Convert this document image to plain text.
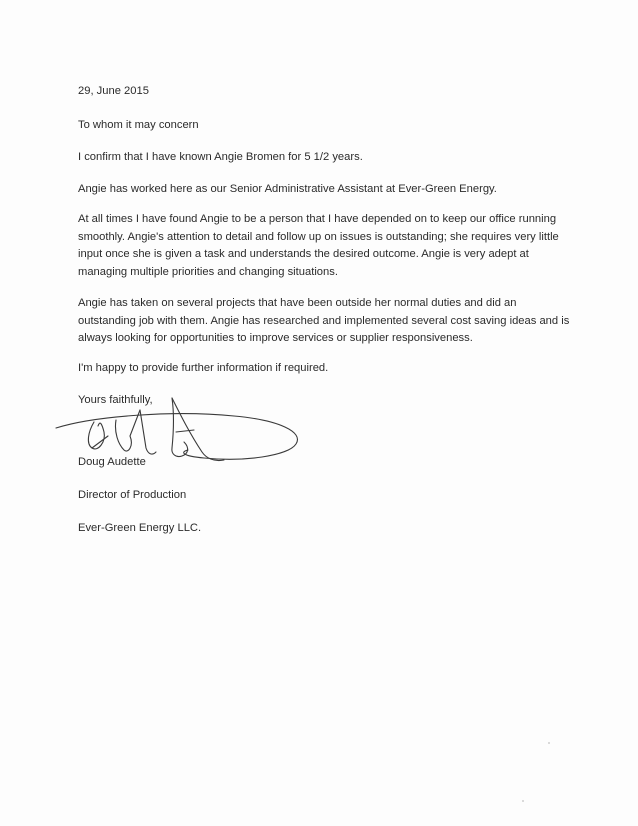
29, June 2015

To whom it may concern

I confirm that I have known Angie Bromen for 5 1/2 years.

Angie has worked here as our Senior Administrative Assistant at Ever-Green Energy.

At all times I have found Angie to be a person that I have depended on to keep our office running

smoothly. Angie's attention to detail and follow up on issues is outstanding; she requires very little

input once she is given a task and understands the desired outcome. Angie is very adept at

managing multiple priorities and changing situations.

Angie has taken on several projects that have been outside her normal duties and did an

outstanding job with them. Angie has researched and implemented several cost saving ideas and is

always looking for opportunities to improve services or supplier responsiveness.

I'm happy to provide further information if required.

Yours faithfully,

Doug Audette

Director of Production

Ever-Green Energy LLC.
